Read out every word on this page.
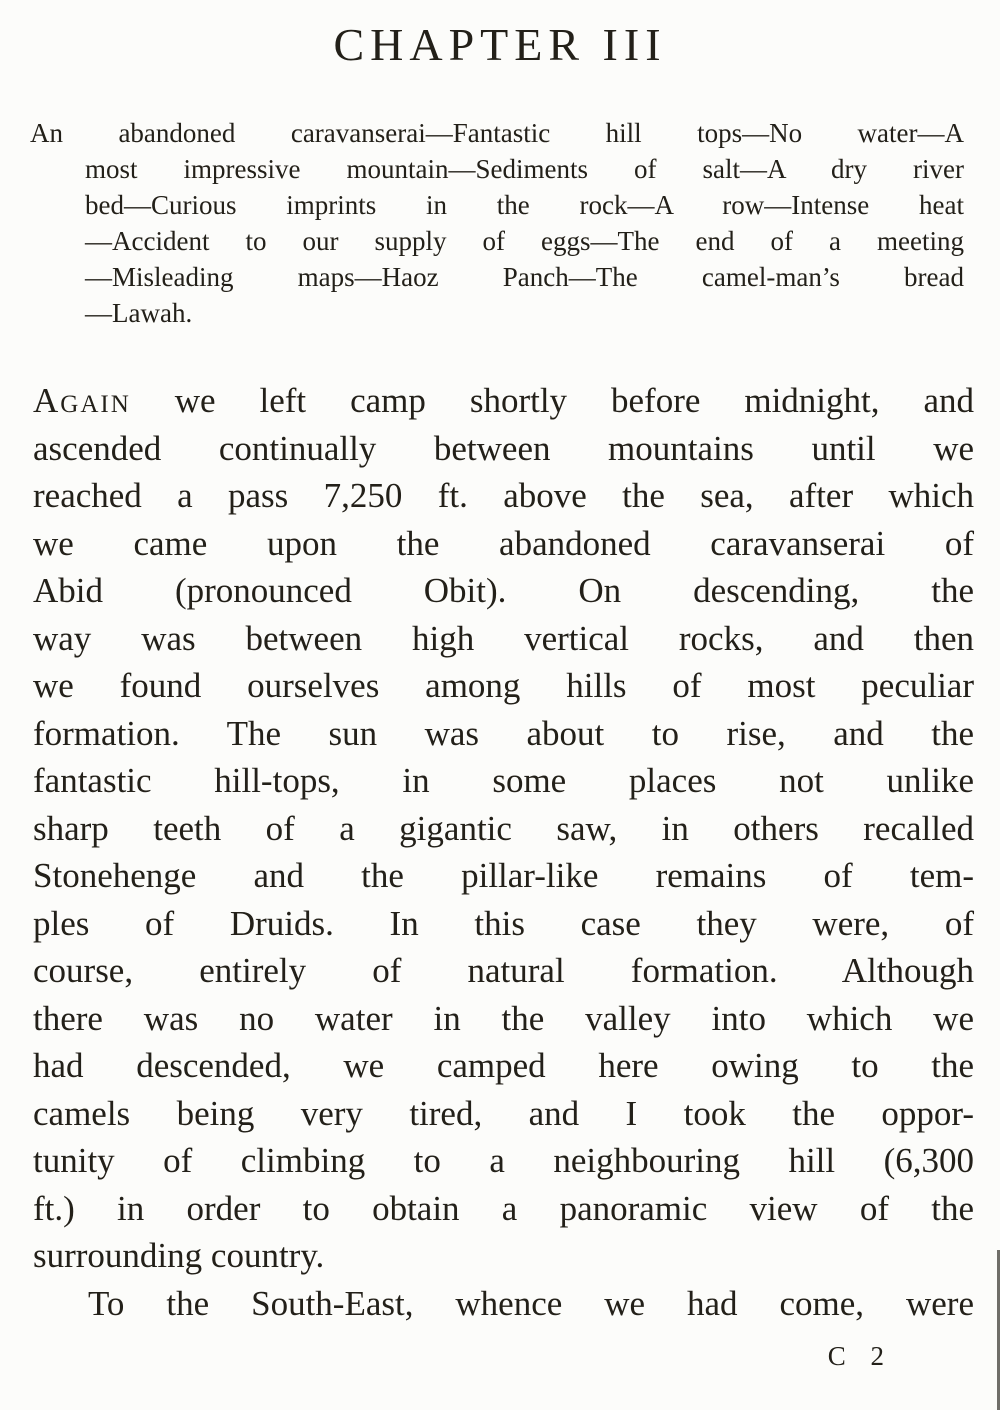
CHAPTER III
An abandoned caravanserai—Fantastic hill tops—No water—A
most impressive mountain—Sediments of salt—A dry river
bed—Curious imprints in the rock—A row—Intense heat
—Accident to our supply of eggs—The end of a meeting
—Misleading maps—Haoz Panch—The camel-man’s bread
—Lawah.
Again we left camp shortly before midnight, and
ascended continually between mountains until we
reached a pass 7,250 ft. above the sea, after which
we came upon the abandoned caravanserai of
Abid (pronounced Obit). On descending, the
way was between high vertical rocks, and then
we found ourselves among hills of most peculiar
formation. The sun was about to rise, and the
fantastic hill-tops, in some places not unlike
sharp teeth of a gigantic saw, in others recalled
Stonehenge and the pillar-like remains of tem-
ples of Druids. In this case they were, of
course, entirely of natural formation. Although
there was no water in the valley into which we
had descended, we camped here owing to the
camels being very tired, and I took the oppor-
tunity of climbing to a neighbouring hill (6,300
ft.) in order to obtain a panoramic view of the
surrounding country.
To the South-East, whence we had come, were
C 2
